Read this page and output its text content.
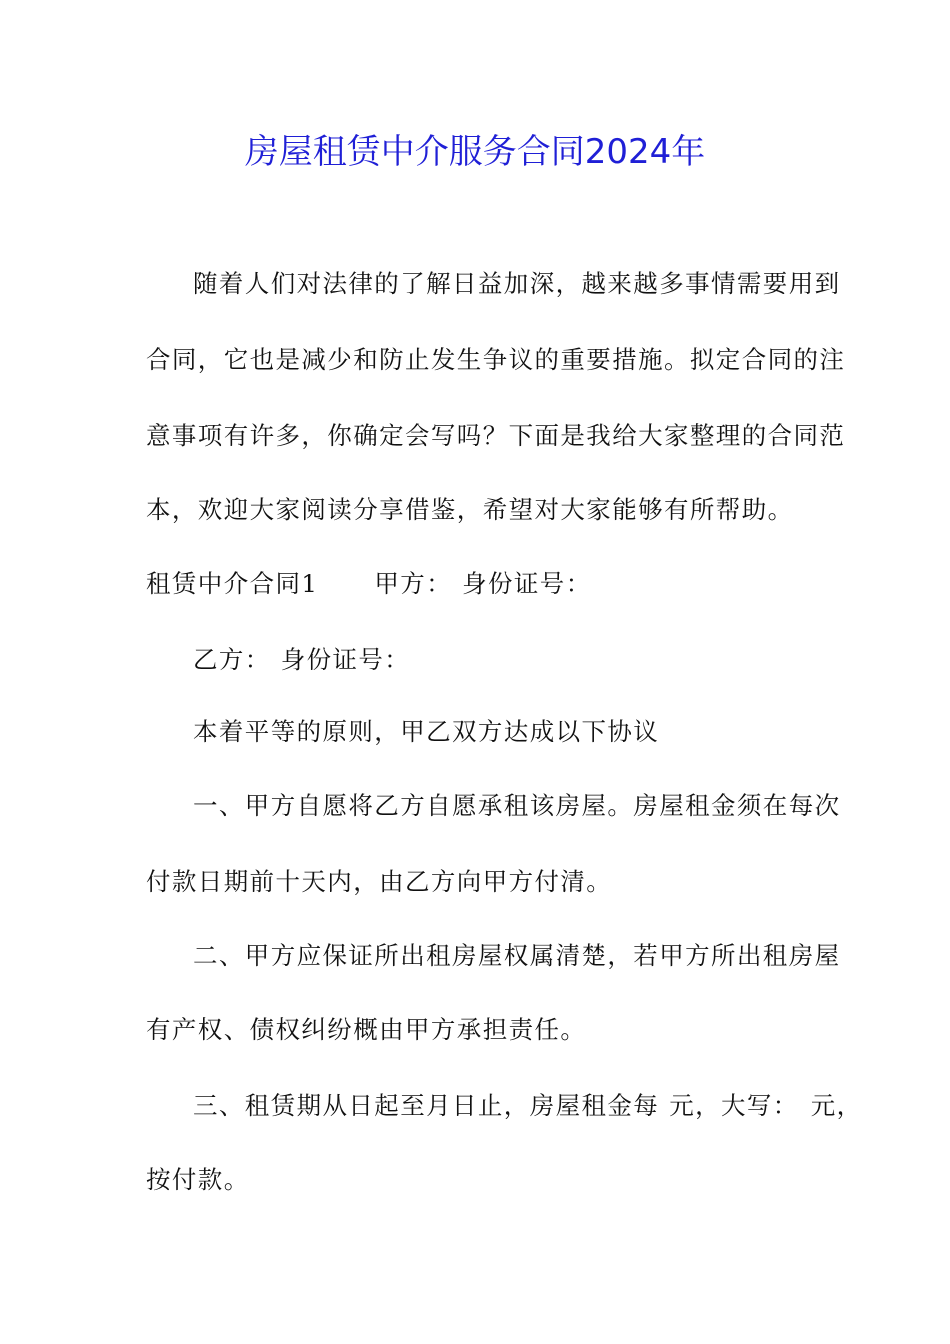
房屋租赁中介服务合同2024年
随着人们对法律的了解日益加深，越来越多事情需要用到
合同，它也是减少和防止发生争议的重要措施。拟定合同的注
意事项有许多，你确定会写吗？下面是我给大家整理的合同范
本，欢迎大家阅读分享借鉴，希望对大家能够有所帮助。
租赁中介合同1 甲方： 身份证号：
乙方： 身份证号：
本着平等的原则，甲乙双方达成以下协议
一、甲方自愿将乙方自愿承租该房屋。房屋租金须在每次
付款日期前十天内，由乙方向甲方付清。
二、甲方应保证所出租房屋权属清楚，若甲方所出租房屋
有产权、债权纠纷概由甲方承担责任。
三、租赁期从日起至月日止，房屋租金每 元，大写： 元，
按付款。
